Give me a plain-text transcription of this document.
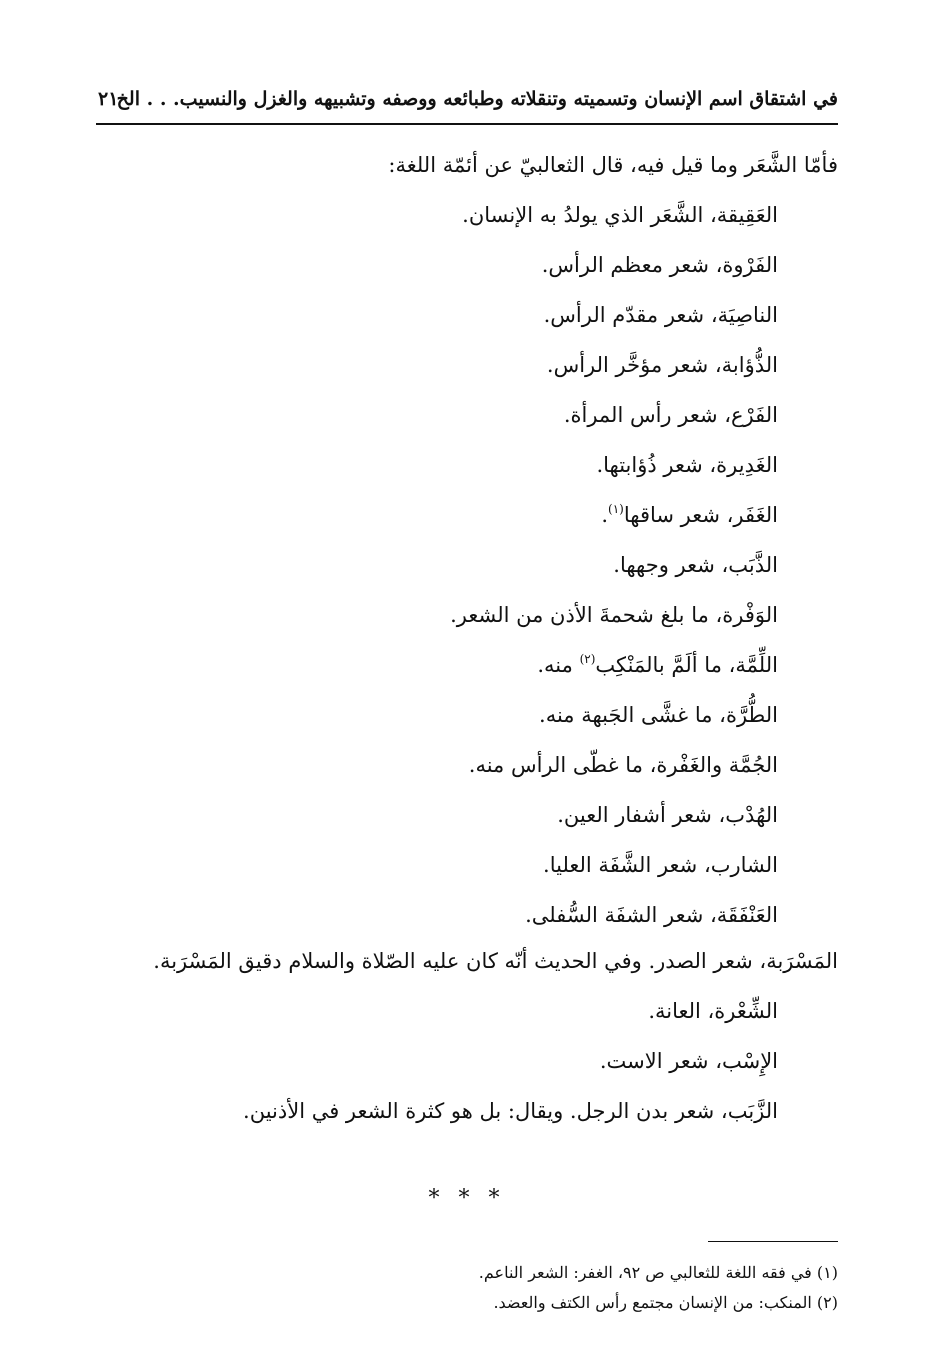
في اشتقاق اسم الإنسان وتسميته وتنقلاته وطبائعه ووصفه وتشبيهه والغزل والنسيب. . . الخ
٢١
فأمّا الشَّعَر وما قيل فيه، قال الثعالبيّ عن أئمّة اللغة:
العَقِيقة، الشَّعَر الذي يولدُ به الإنسان.
الفَرْوة، شعر معظم الرأس.
الناصِيَة، شعر مقدّم الرأس.
الذُّؤابة، شعر مؤخَّر الرأس.
الفَرْع، شعر رأس المرأة.
الغَدِيرة، شعر ذُؤابتها.
الغَفَر، شعر ساقها$^{(١)}$.
الذَّبَب، شعر وجهها.
الوَفْرة، ما بلغ شحمةَ الأذن من الشعر.
اللِّمَّة، ما ألَمَّ بالمَنْكِب$^{(٢)}$ منه.
الطُّرَّة، ما غشَّى الجَبهة منه.
الجُمَّة والغَفْرة، ما غطّى الرأس منه.
الهُدْب، شعر أشفار العين.
الشارب، شعر الشَّفَة العليا.
العَنْفَقَة، شعر الشفَة السُّفلى.
المَسْرَبة، شعر الصدر. وفي الحديث أنّه كان عليه الصّلاة والسلام دقيق المَسْرَبة.
الشِّعْرة، العانة.
الإِسْب، شعر الاست.
الزَّبَب، شعر بدن الرجل. ويقال: بل هو كثرة الشعر في الأذنين.
* * *
(١) في فقه اللغة للثعالبي ص ٩٢، الغفر: الشعر الناعم.
(٢) المنكب: من الإنسان مجتمع رأس الكتف والعضد.
